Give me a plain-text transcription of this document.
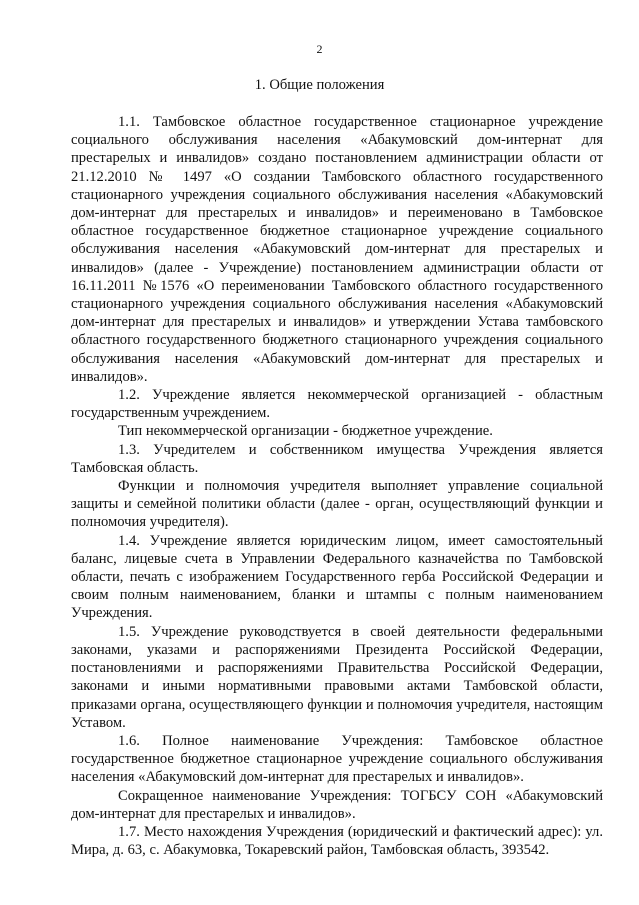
2
1. Общие положения

1.1. Тамбовское областное государственное стационарное учреждение социального обслуживания населения «Абакумовский дом-интернат для престарелых и инвалидов» создано постановлением администрации области от 21.12.2010 № 1497 «О создании Тамбовского областного государственного стационарного учреждения социального обслуживания населения «Абакумовский дом-интернат для престарелых и инвалидов» и переименовано в Тамбовское областное государственное бюджетное стационарное учреждение социального обслуживания населения «Абакумовский дом-интернат для престарелых и инвалидов» (далее - Учреждение) постановлением администрации области от 16.11.2011 №1576 «О переименовании Тамбовского областного государственного стационарного учреждения социального обслуживания населения «Абакумовский дом-интернат для престарелых и инвалидов» и утверждении Устава тамбовского областного государственного бюджетного стационарного учреждения социального обслуживания населения «Абакумовский дом-интернат для престарелых и инвалидов».

1.2. Учреждение является некоммерческой организацией - областным государственным учреждением.

Тип некоммерческой организации - бюджетное учреждение.

1.3. Учредителем и собственником имущества Учреждения является Тамбовская область.

Функции и полномочия учредителя выполняет управление социальной защиты и семейной политики области (далее - орган, осуществляющий функции и полномочия учредителя).

1.4. Учреждение является юридическим лицом, имеет самостоятельный баланс, лицевые счета в Управлении Федерального казначейства по Тамбовской области, печать с изображением Государственного герба Российской Федерации и своим полным наименованием, бланки и штампы с полным наименованием Учреждения.

1.5. Учреждение руководствуется в своей деятельности федеральными законами, указами и распоряжениями Президента Российской Федерации, постановлениями и распоряжениями Правительства Российской Федерации, законами и иными нормативными правовыми актами Тамбовской области, приказами органа, осуществляющего функции и полномочия учредителя, настоящим Уставом.

1.6. Полное наименование Учреждения: Тамбовское областное государственное бюджетное стационарное учреждение социального обслуживания населения «Абакумовский дом-интернат для престарелых и инвалидов».

Сокращенное наименование Учреждения: ТОГБСУ СОН «Абакумовский дом-интернат для престарелых и инвалидов».

1.7. Место нахождения Учреждения (юридический и фактический адрес): ул. Мира, д. 63, с. Абакумовка, Токаревский район, Тамбовская область, 393542.
